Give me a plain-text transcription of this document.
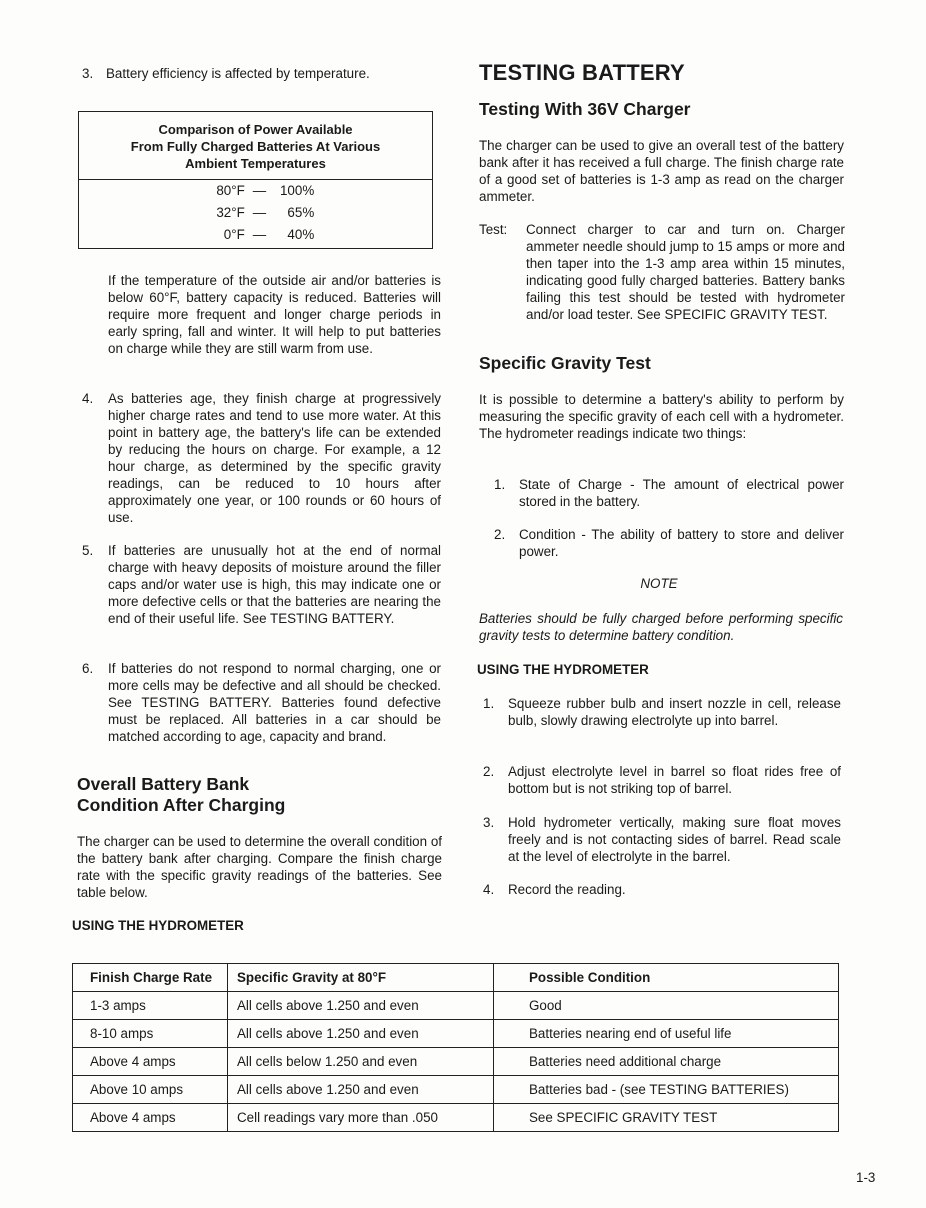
3. Battery efficiency is affected by temperature.
Comparison of Power Available
From Fully Charged Batteries At Various
Ambient Temperatures
80°F — 100%
32°F — 65%
0°F — 40%
If the temperature of the outside air and/or batteries is below 60°F, battery capacity is reduced. Batteries will require more frequent and longer charge periods in early spring, fall and winter. It will help to put batteries on charge while they are still warm from use.
4.	As batteries age, they finish charge at progressively higher charge rates and tend to use more water. At this point in battery age, the battery's life can be extended by reducing the hours on charge. For example, a 12 hour charge, as determined by the specific gravity readings, can be reduced to 10 hours after approximately one year, or 100 rounds or 60 hours of use.
5.	If batteries are unusually hot at the end of normal charge with heavy deposits of moisture around the filler caps and/or water use is high, this may indicate one or more defective cells or that the batteries are nearing the end of their useful life. See TESTING BATTERY.
6.	If batteries do not respond to normal charging, one or more cells may be defective and all should be checked. See TESTING BATTERY. Batteries found defective must be replaced. All batteries in a car should be matched according to age, capacity and brand.
Overall Battery Bank
Condition After Charging
The charger can be used to determine the overall condition of the battery bank after charging. Compare the finish charge rate with the specific gravity readings of the batteries. See table below.
USING THE HYDROMETER
TESTING BATTERY
Testing With 36V Charger
The charger can be used to give an overall test of the battery bank after it has received a full charge. The finish charge rate of a good set of batteries is 1-3 amp as read on the charger ammeter.
Test: Connect charger to car and turn on. Charger ammeter needle should jump to 15 amps or more and then taper into the 1-3 amp area within 15 minutes, indicating good fully charged batteries. Battery banks failing this test should be tested with hydrometer and/or load tester. See SPECIFIC GRAVITY TEST.
Specific Gravity Test
It is possible to determine a battery's ability to perform by measuring the specific gravity of each cell with a hydrometer. The hydrometer readings indicate two things:
1.	State of Charge - The amount of electrical power stored in the battery.
2.	Condition - The ability of battery to store and deliver power.
NOTE
Batteries should be fully charged before performing specific gravity tests to determine battery condition.
USING THE HYDROMETER
1.	Squeeze rubber bulb and insert nozzle in cell, release bulb, slowly drawing electrolyte up into barrel.
2.	Adjust electrolyte level in barrel so float rides free of bottom but is not striking top of barrel.
3.	Hold hydrometer vertically, making sure float moves freely and is not contacting sides of barrel. Read scale at the level of electrolyte in the barrel.
4.	Record the reading.
Finish Charge Rate	Specific Gravity at 80°F	Possible Condition
1-3 amps	All cells above 1.250 and even	Good
8-10 amps	All cells above 1.250 and even	Batteries nearing end of useful life
Above 4 amps	All cells below 1.250 and even	Batteries need additional charge
Above 10 amps	All cells above 1.250 and even	Batteries bad - (see TESTING BATTERIES)
Above 4 amps	Cell readings vary more than .050	See SPECIFIC GRAVITY TEST
1-3
